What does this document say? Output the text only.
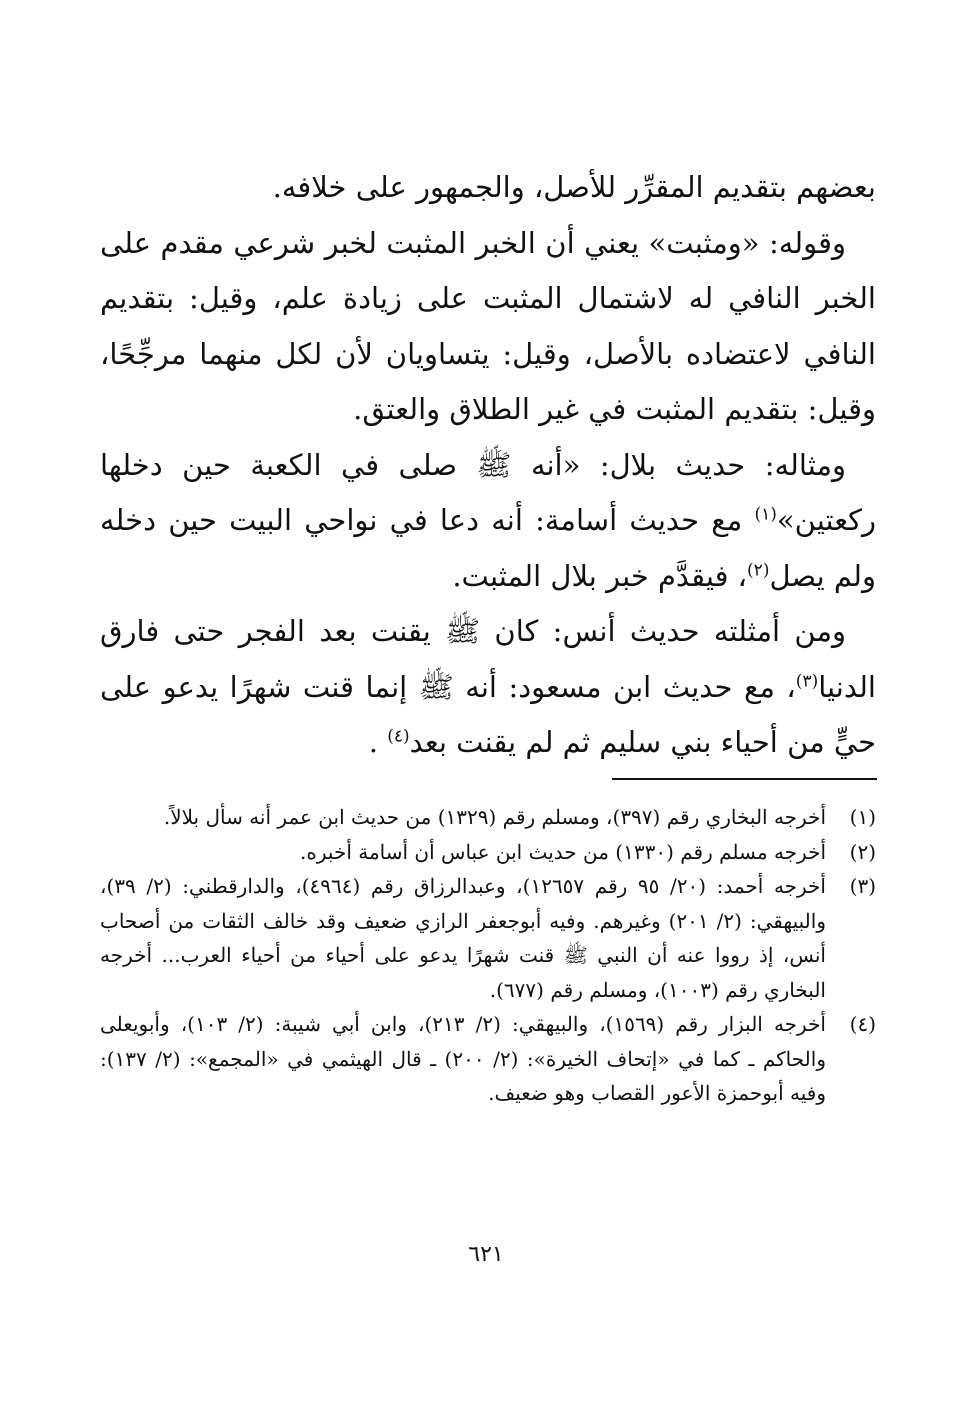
بعضهم بتقديم المقرِّر للأصل، والجمهور على خلافه.

وقوله: «ومثبت» يعني أن الخبر المثبت لخبر شرعي مقدم على الخبر النافي له لاشتمال المثبت على زيادة علم، وقيل: بتقديم النافي لاعتضاده بالأصل، وقيل: يتساويان لأن لكل منهما مرجِّحًا، وقيل: بتقديم المثبت في غير الطلاق والعتق.

ومثاله: حديث بلال: «أنه ﷺ صلى في الكعبة حين دخلها ركعتين»$^{(١)}$ مع حديث أسامة: أنه دعا في نواحي البيت حين دخله ولم يصل$^{(٢)}$، فيقدَّم خبر بلال المثبت.

ومن أمثلته حديث أنس: كان ﷺ يقنت بعد الفجر حتى فارق الدنيا$^{(٣)}$، مع حديث ابن مسعود: أنه ﷺ إنما قنت شهرًا يدعو على حيٍّ من أحياء بني سليم ثم لم يقنت بعد$^{(٤)}$ .

(١)
أخرجه البخاري رقم (٣٩٧)، ومسلم رقم (١٣٢٩) من حديث ابن عمر أنه سأل بلالاً.

(٢)
أخرجه مسلم رقم (١٣٣٠) من حديث ابن عباس أن أسامة أخبره.

(٣)
أخرجه أحمد: (٢٠/ ٩٥ رقم ١٢٦٥٧)، وعبدالرزاق رقم (٤٩٦٤)، والدارقطني: (٢/ ٣٩)، والبيهقي: (٢/ ٢٠١) وغيرهم. وفيه أبوجعفر الرازي ضعيف وقد خالف الثقات من أصحاب أنس، إذ رووا عنه أن النبي ﷺ قنت شهرًا يدعو على أحياء من أحياء العرب... أخرجه البخاري رقم (١٠٠٣)، ومسلم رقم (٦٧٧).

(٤)
أخرجه البزار رقم (١٥٦٩)، والبيهقي: (٢/ ٢١٣)، وابن أبي شيبة: (٢/ ١٠٣)، وأبويعلى والحاكم ـ كما في «إتحاف الخيرة»: (٢/ ٢٠٠) ـ قال الهيثمي في «المجمع»: (٢/ ١٣٧): وفيه أبوحمزة الأعور القصاب وهو ضعيف.

٦٢١
